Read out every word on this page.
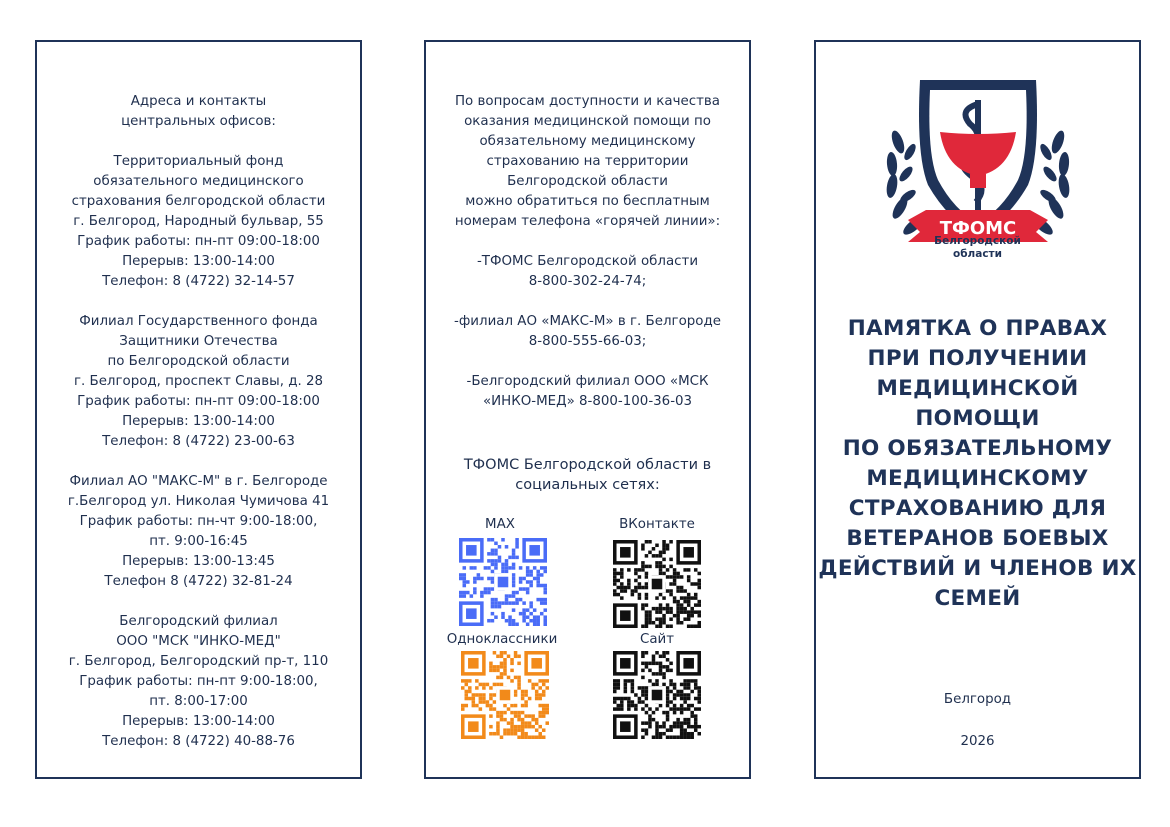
Адреса и контакты
центральных офисов:
Территориальный фонд
обязательного медицинского
страхования белгородской области
г. Белгород, Народный бульвар, 55
График работы: пн-пт 09:00-18:00
Перерыв: 13:00-14:00
Телефон: 8 (4722) 32-14-57
Филиал Государственного фонда
Защитники Отечества
по Белгородской области
г. Белгород, проспект Славы, д. 28
График работы: пн-пт 09:00-18:00
Перерыв: 13:00-14:00
Телефон: 8 (4722) 23-00-63
Филиал АО "МАКС-М" в г. Белгороде
г.Белгород ул. Николая Чумичова 41
График работы: пн-чт 9:00-18:00,
пт. 9:00-16:45
Перерыв: 13:00-13:45
Телефон 8 (4722) 32-81-24
Белгородский филиал
ООО "МСК "ИНКО-МЕД"
г. Белгород, Белгородский пр-т, 110
График работы: пн-пт 9:00-18:00,
пт. 8:00-17:00
Перерыв: 13:00-14:00
Телефон: 8 (4722) 40-88-76
По вопросам доступности и качества
оказания медицинской помощи по
обязательному медицинскому
страхованию на территории
Белгородской области
можно обратиться по бесплатным
номерам телефона «горячей линии»:
-ТФОМС Белгородской области
8-800-302-24-74;
-филиал АО «МАКС-М» в г. Белгороде
8-800-555-66-03;
-Белгородский филиал ООО «МСК
«ИНКО-МЕД» 8-800-100-36-03
ТФОМС Белгородской области в
социальных сетях:
MAX	ВКонтакте
Одноклассники	Сайт
ТФОМС
Белгородской
области
ПАМЯТКА О ПРАВАХ
ПРИ ПОЛУЧЕНИИ
МЕДИЦИНСКОЙ ПОМОЩИ
ПО ОБЯЗАТЕЛЬНОМУ
МЕДИЦИНСКОМУ
СТРАХОВАНИЮ ДЛЯ
ВЕТЕРАНОВ БОЕВЫХ
ДЕЙСТВИЙ И ЧЛЕНОВ ИХ
СЕМЕЙ
Белгород
2026
